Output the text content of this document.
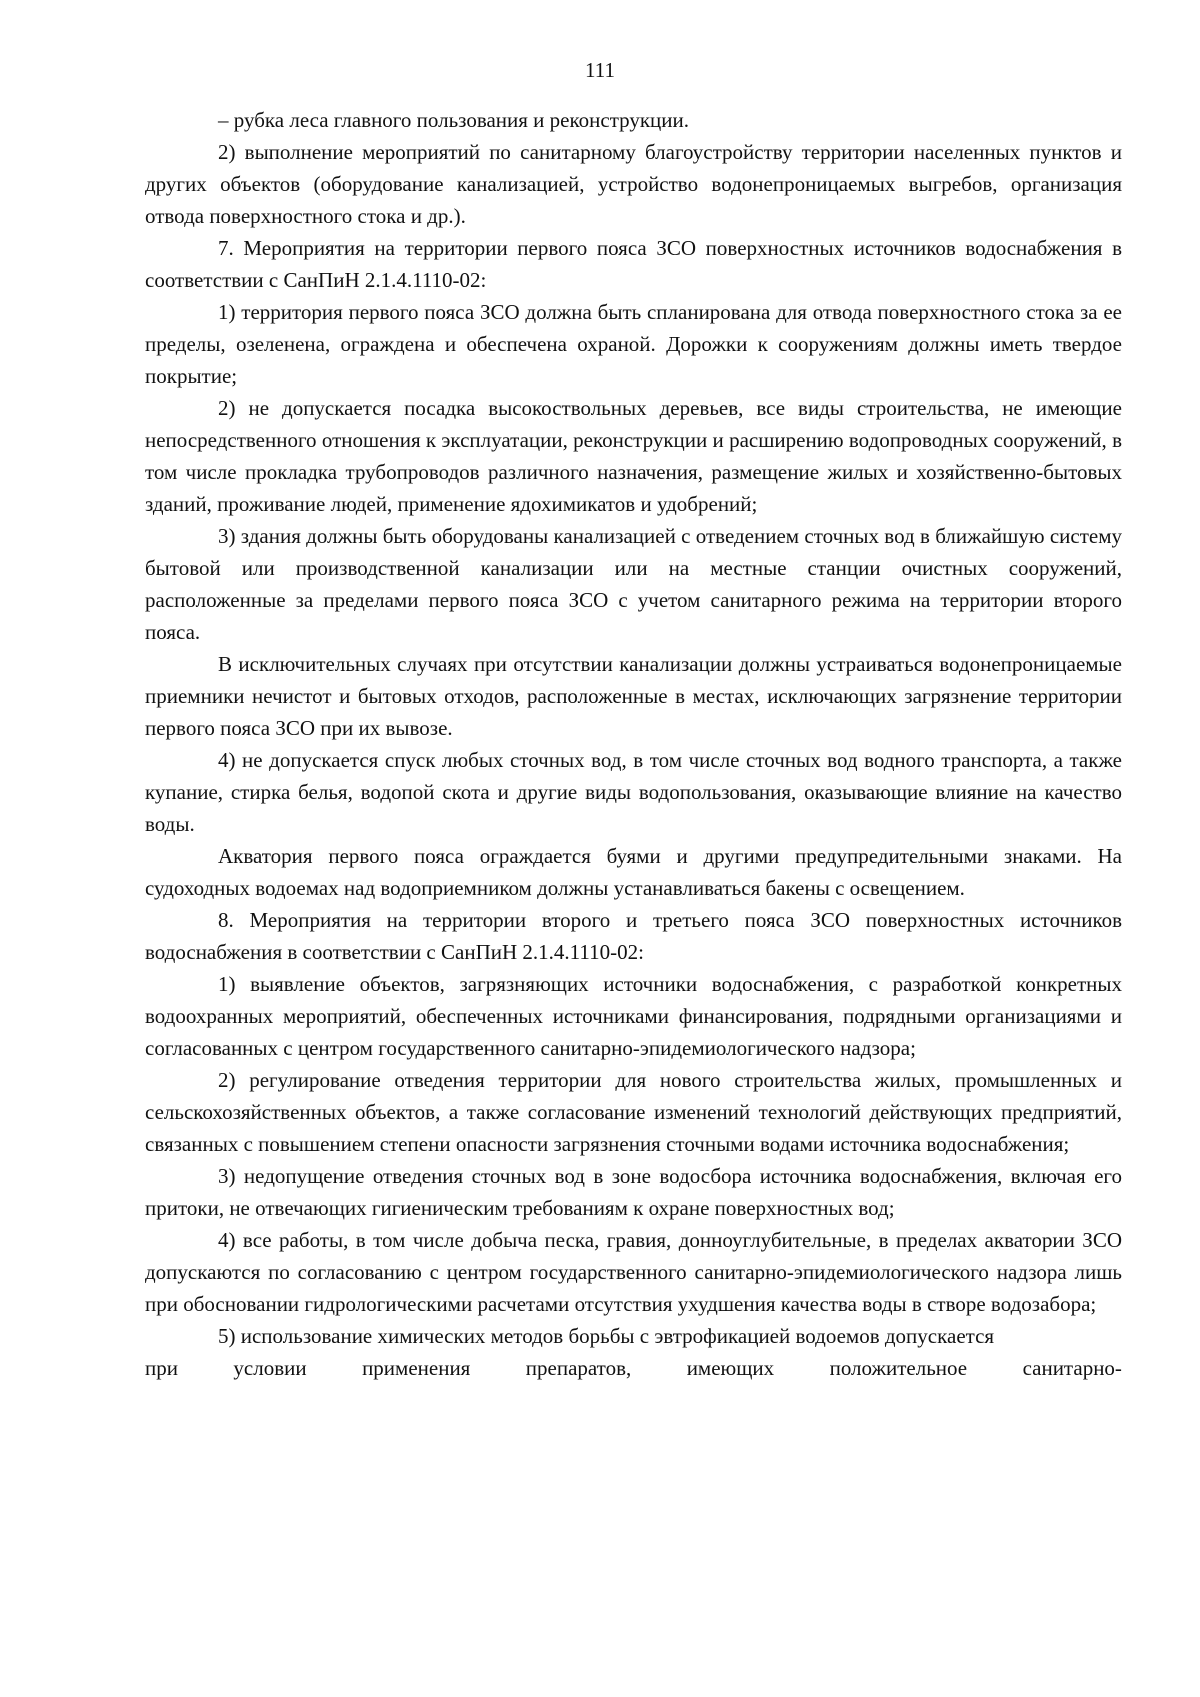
111

– рубка леса главного пользования и реконструкции.

2) выполнение мероприятий по санитарному благоустройству территории населенных пунктов и других объектов (оборудование канализацией, устройство водонепроницаемых выгребов, организация отвода поверхностного стока и др.).

7. Мероприятия на территории первого пояса ЗСО поверхностных источников водоснабжения в соответствии с СанПиН 2.1.4.1110-02:

1) территория первого пояса ЗСО должна быть спланирована для отвода поверхностного стока за ее пределы, озеленена, ограждена и обеспечена охраной. Дорожки к сооружениям должны иметь твердое покрытие;

2) не допускается посадка высокоствольных деревьев, все виды строительства, не имеющие непосредственного отношения к эксплуатации, реконструкции и расширению водопроводных сооружений, в том числе прокладка трубопроводов различного назначения, размещение жилых и хозяйственно-бытовых зданий, проживание людей, применение ядохимикатов и удобрений;

3) здания должны быть оборудованы канализацией с отведением сточных вод в ближайшую систему бытовой или производственной канализации или на местные станции очистных сооружений, расположенные за пределами первого пояса ЗСО с учетом санитарного режима на территории второго пояса.

В исключительных случаях при отсутствии канализации должны устраиваться водонепроницаемые приемники нечистот и бытовых отходов, расположенные в местах, исключающих загрязнение территории первого пояса ЗСО при их вывозе.

4) не допускается спуск любых сточных вод, в том числе сточных вод водного транспорта, а также купание, стирка белья, водопой скота и другие виды водопользования, оказывающие влияние на качество воды.

Акватория первого пояса ограждается буями и другими предупредительными знаками. На судоходных водоемах над водоприемником должны устанавливаться бакены с освещением.

8. Мероприятия на территории второго и третьего пояса ЗСО поверхностных источников водоснабжения в соответствии с СанПиН 2.1.4.1110-02:

1) выявление объектов, загрязняющих источники водоснабжения, с разработкой конкретных водоохранных мероприятий, обеспеченных источниками финансирования, подрядными организациями и согласованных с центром государственного санитарно-эпидемиологического надзора;

2) регулирование отведения территории для нового строительства жилых, промышленных и сельскохозяйственных объектов, а также согласование изменений технологий действующих предприятий, связанных с повышением степени опасности загрязнения сточными водами источника водоснабжения;

3) недопущение отведения сточных вод в зоне водосбора источника водоснабжения, включая его притоки, не отвечающих гигиеническим требованиям к охране поверхностных вод;

4) все работы, в том числе добыча песка, гравия, донноуглубительные, в пределах акватории ЗСО допускаются по согласованию с центром государственного санитарно-эпидемиологического надзора лишь при обосновании гидрологическими расчетами отсутствия ухудшения качества воды в створе водозабора;

5) использование химических методов борьбы с эвтрофикацией водоемов допускается

при	условии	применения	препаратов,	имеющих	положительное	санитарно-
